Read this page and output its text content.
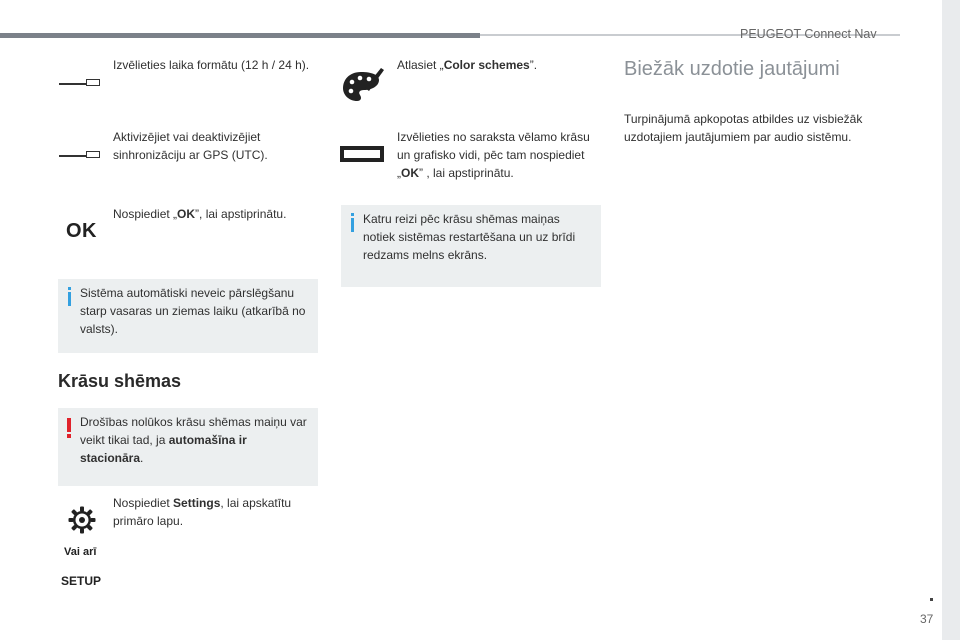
PEUGEOT Connect Nav
Izvēlieties laika formātu (12 h / 24 h).
Aktivizējiet vai deaktivizējiet sinhronizāciju ar GPS (UTC).
OK
Nospiediet „OK”, lai apstiprinātu.
Sistēma automātiski neveic pārslēgšanu starp vasaras un ziemas laiku (atkarībā no valsts).
Krāsu shēmas
Drošības nolūkos krāsu shēmas maiņu var veikt tikai tad, ja automašīna ir stacionāra.
Vai arī
SETUP
Nospiediet Settings, lai apskatītu primāro lapu.
Atlasiet „Color schemes”.
Izvēlieties no saraksta vēlamo krāsu un grafisko vidi, pēc tam nospiediet „OK” , lai apstiprinātu.
Katru reizi pēc krāsu shēmas maiņas notiek sistēmas restartēšana un uz brīdi redzams melns ekrāns.
Biežāk uzdotie jautājumi
Turpinājumā apkopotas atbildes uz visbiežāk uzdotajiem jautājumiem par audio sistēmu.
37
